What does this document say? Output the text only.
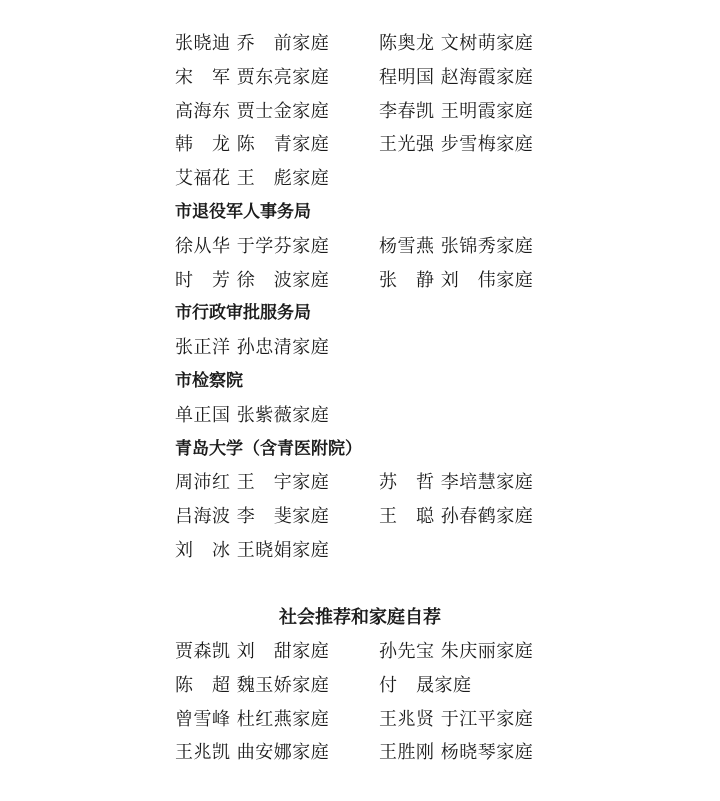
张晓迪 乔　前家庭	陈奥龙 文树萌家庭
宋　军 贾东亮家庭	程明国 赵海霞家庭
高海东 贾士金家庭	李春凯 王明霞家庭
韩　龙 陈　青家庭	王光强 步雪梅家庭
艾福花 王　彪家庭
市退役军人事务局
徐从华 于学芬家庭	杨雪燕 张锦秀家庭
时　芳 徐　波家庭	张　静 刘　伟家庭
市行政审批服务局
张正洋 孙忠清家庭
市检察院
单正国 张紫薇家庭
青岛大学（含青医附院）
周沛红 王　宇家庭	苏　哲 李培慧家庭
吕海波 李　斐家庭	王　聪 孙春鹤家庭
刘　冰 王晓娟家庭
社会推荐和家庭自荐
贾森凯 刘　甜家庭	孙先宝 朱庆丽家庭
陈　超 魏玉娇家庭	付　晟家庭
曾雪峰 杜红燕家庭	王兆贤 于江平家庭
王兆凯 曲安娜家庭	王胜刚 杨晓琴家庭
